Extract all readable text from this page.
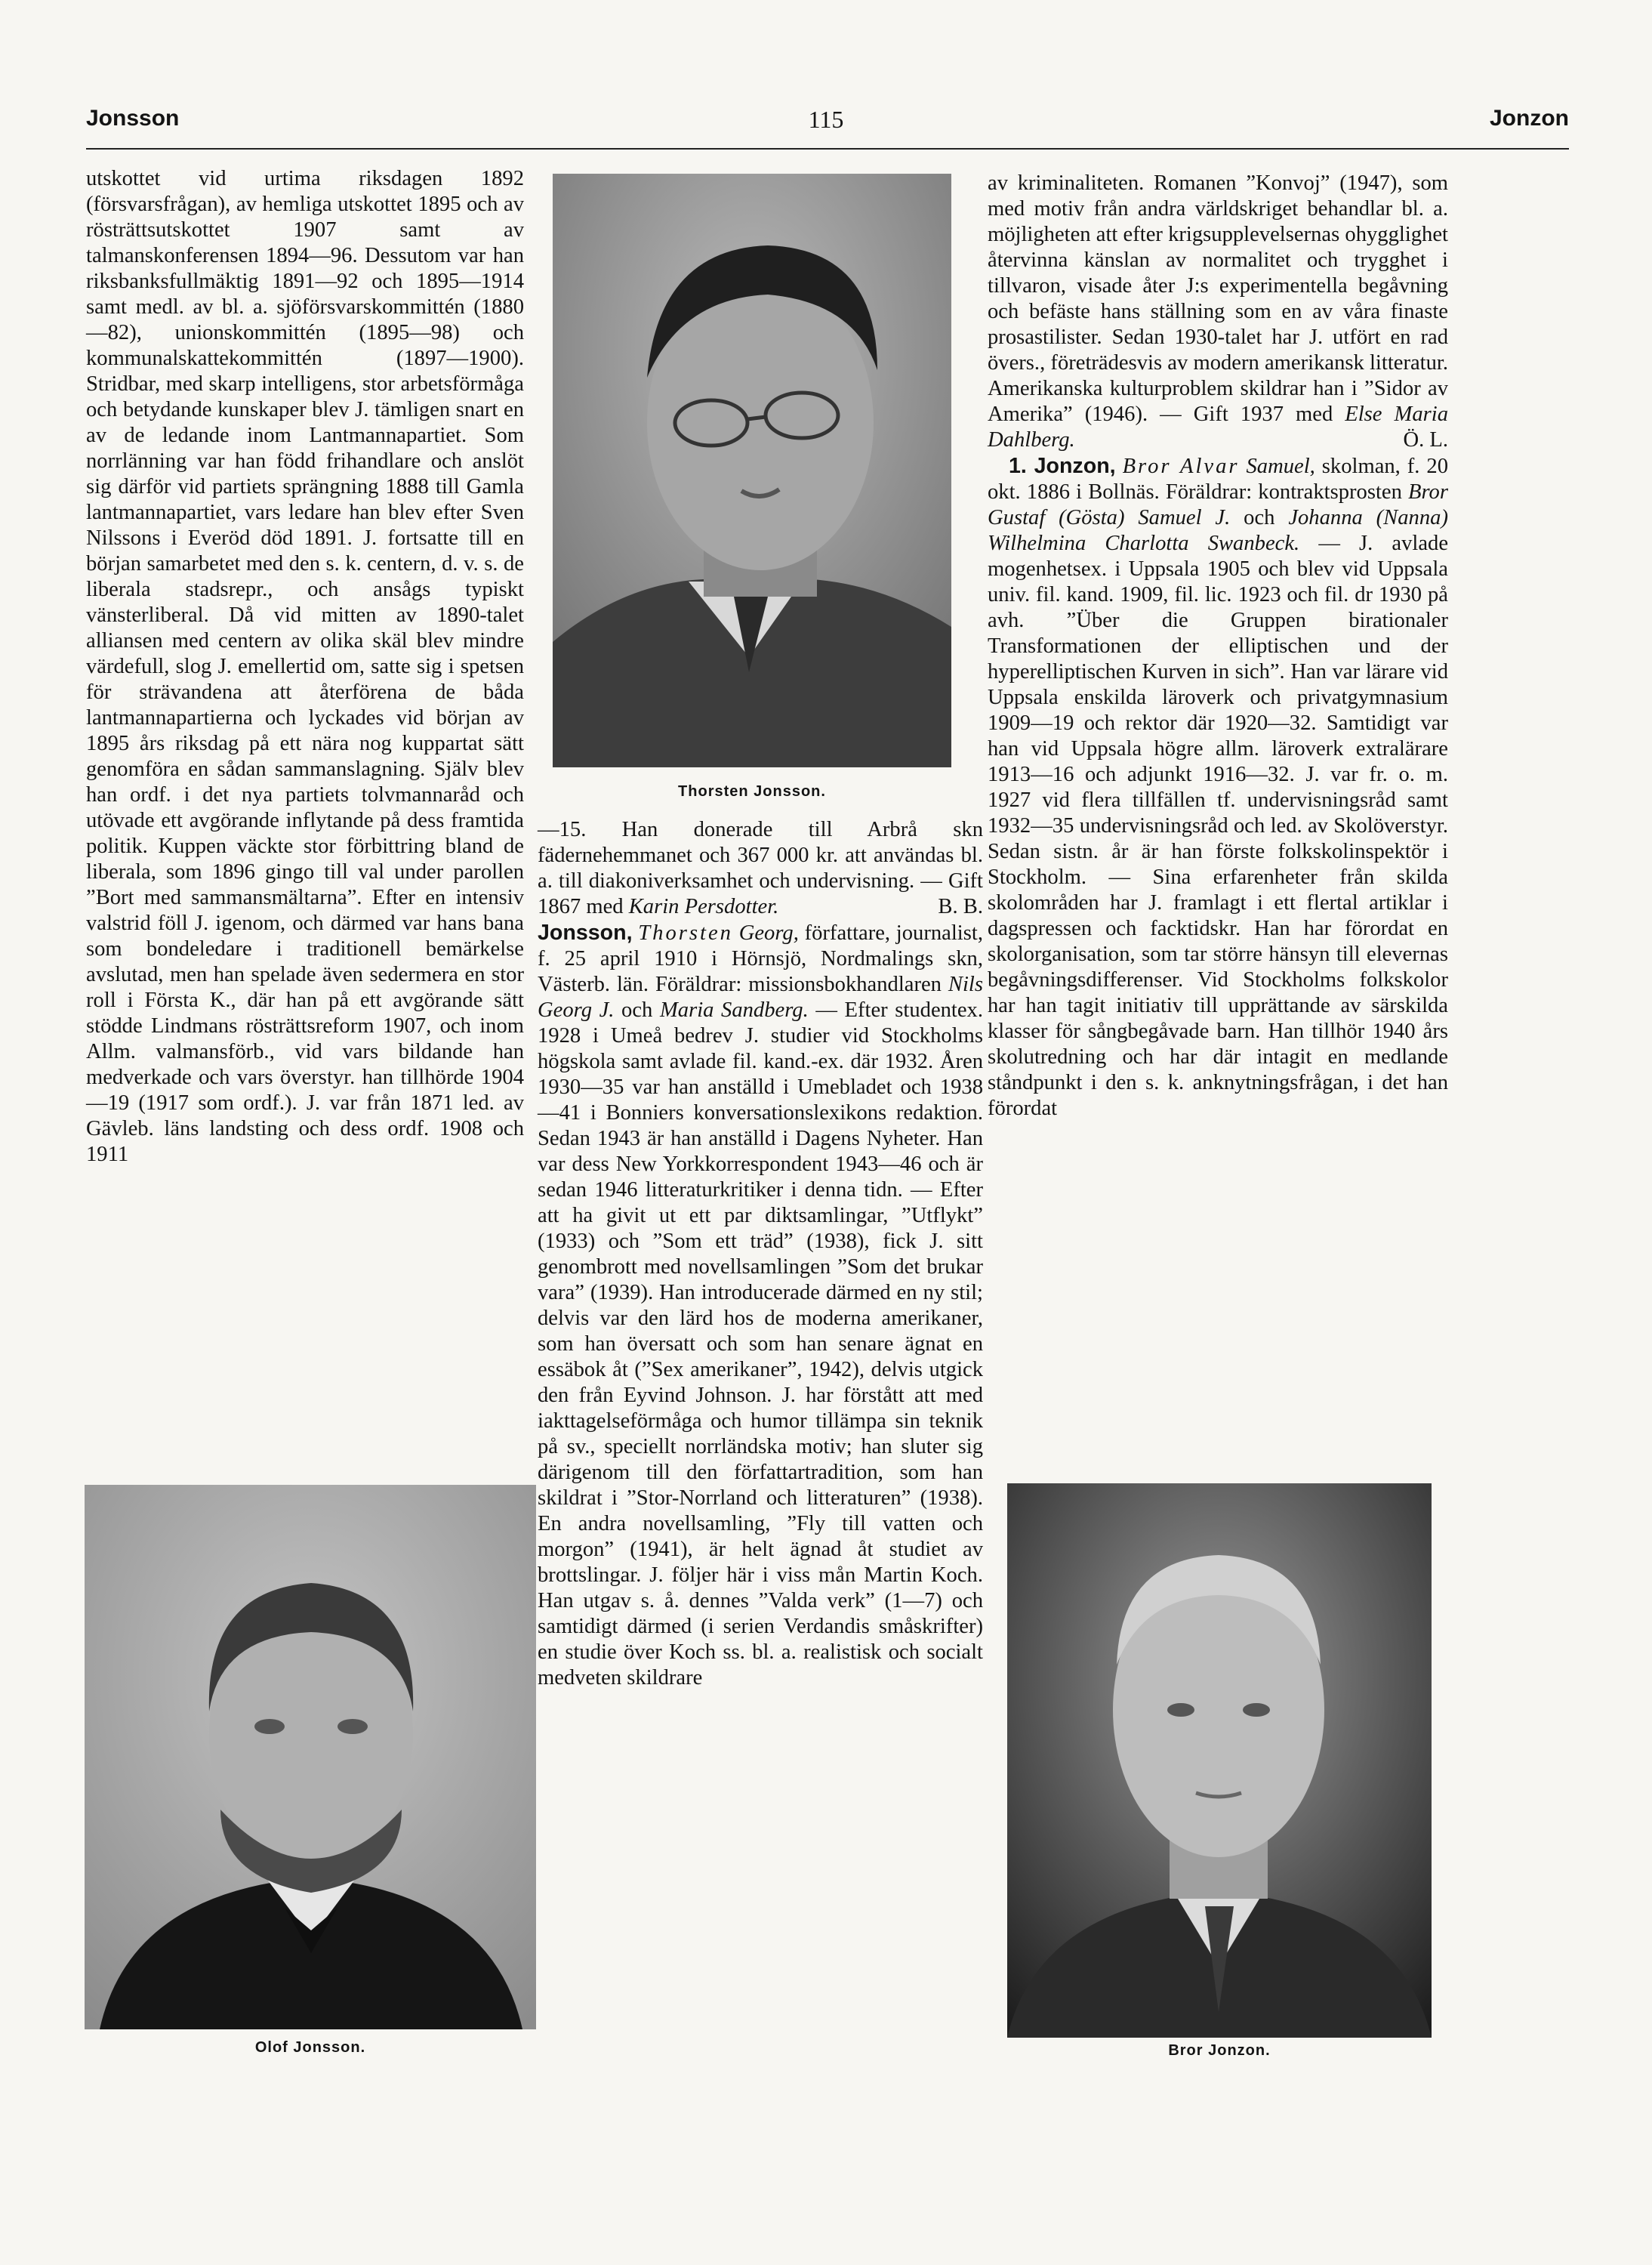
Jonsson	115	Jonzon

utskottet vid urtima riksdagen 1892 (försvarsfrågan), av hemliga utskottet 1895 och av rösträttsutskottet 1907 samt av talmanskonferensen 1894—96. Dessutom var han riksbanksfullmäktig 1891—92 och 1895—1914 samt medl. av bl. a. sjöförsvarskommittén (1880—82), unionskommittén (1895—98) och kommunalskattekommittén (1897—1900). Stridbar, med skarp intelligens, stor arbetsförmåga och betydande kunskaper blev J. tämligen snart en av de ledande inom Lantmannapartiet. Som norrlänning var han född frihandlare och anslöt sig därför vid partiets sprängning 1888 till Gamla lantmannapartiet, vars ledare han blev efter Sven Nilssons i Everöd död 1891. J. fortsatte till en början samarbetet med den s. k. centern, d. v. s. de liberala stadsrepr., och ansågs typiskt vänsterliberal. Då vid mitten av 1890-talet alliansen med centern av olika skäl blev mindre värdefull, slog J. emellertid om, satte sig i spetsen för strävandena att återförena de båda lantmannapartierna och lyckades vid början av 1895 års riksdag på ett nära nog kuppartat sätt genomföra en sådan sammanslagning. Själv blev han ordf. i det nya partiets tolvmannaråd och utövade ett avgörande inflytande på dess framtida politik. Kuppen väckte stor förbittring bland de liberala, som 1896 gingo till val under parollen ”Bort med sammansmältarna”. Efter en intensiv valstrid föll J. igenom, och därmed var hans bana som bondeledare i traditionell bemärkelse avslutad, men han spelade även sedermera en stor roll i Första K., där han på ett avgörande sätt stödde Lindmans rösträttsreform 1907, och inom Allm. valmansförb., vid vars bildande han medverkade och vars överstyr. han tillhörde 1904—19 (1917 som ordf.). J. var från 1871 led. av Gävleb. läns landsting och dess ordf. 1908 och 1911

Thorsten Jonsson.

—15. Han donerade till Arbrå skn fädernehemmanet och 367 000 kr. att användas bl. a. till diakoniverksamhet och undervisning. — Gift 1867 med Karin Persdotter.	B. B.

Jonsson, Thorsten Georg, författare, journalist, f. 25 april 1910 i Hörnsjö, Nordmalings skn, Västerb. län. Föräldrar: missionsbokhandlaren Nils Georg J. och Maria Sandberg. — Efter studentex. 1928 i Umeå bedrev J. studier vid Stockholms högskola samt avlade fil. kand.-ex. där 1932. Åren 1930—35 var han anställd i Umebladet och 1938—41 i Bonniers konversationslexikons redaktion. Sedan 1943 är han anställd i Dagens Nyheter. Han var dess New Yorkkorrespondent 1943—46 och är sedan 1946 litteraturkritiker i denna tidn. — Efter att ha givit ut ett par diktsamlingar, ”Utflykt” (1933) och ”Som ett träd” (1938), fick J. sitt genombrott med novellsamlingen ”Som det brukar vara” (1939). Han introducerade därmed en ny stil; delvis var den lärd hos de moderna amerikaner, som han översatt och som han senare ägnat en essäbok åt (”Sex amerikaner”, 1942), delvis utgick den från Eyvind Johnson. J. har förstått att med iakttagelseförmåga och humor tillämpa sin teknik på sv., speciellt norrländska motiv; han sluter sig därigenom till den författartradition, som han skildrat i ”Stor-Norrland och litteraturen” (1938). En andra novellsamling, ”Fly till vatten och morgon” (1941), är helt ägnad åt studiet av brottslingar. J. följer här i viss mån Martin Koch. Han utgav s. å. dennes ”Valda verk” (1—7) och samtidigt därmed (i serien Verdandis småskrifter) en studie över Koch ss. bl. a. realistisk och socialt medveten skildrare

av kriminaliteten. Romanen ”Konvoj” (1947), som med motiv från andra världskriget behandlar bl. a. möjligheten att efter krigsupplevelsernas ohygglighet återvinna känslan av normalitet och trygghet i tillvaron, visade åter J:s experimentella begåvning och befäste hans ställning som en av våra finaste prosastilister. Sedan 1930-talet har J. utfört en rad övers., företrädesvis av modern amerikansk litteratur. Amerikanska kulturproblem skildrar han i ”Sidor av Amerika” (1946). — Gift 1937 med Else Maria Dahlberg.	Ö. L.

1. Jonzon, Bror Alvar Samuel, skolman, f. 20 okt. 1886 i Bollnäs. Föräldrar: kontraktsprosten Bror Gustaf (Gösta) Samuel J. och Johanna (Nanna) Wilhelmina Charlotta Swanbeck. — J. avlade mogenhetsex. i Uppsala 1905 och blev vid Uppsala univ. fil. kand. 1909, fil. lic. 1923 och fil. dr 1930 på avh. ”Über die Gruppen birationaler Transformationen der elliptischen und der hyperelliptischen Kurven in sich”. Han var lärare vid Uppsala enskilda läroverk och privatgymnasium 1909—19 och rektor där 1920—32. Samtidigt var han vid Uppsala högre allm. läroverk extralärare 1913—16 och adjunkt 1916—32. J. var fr. o. m. 1927 vid flera tillfällen tf. undervisningsråd samt 1932—35 undervisningsråd och led. av Skolöverstyr. Sedan sistn. år är han förste folkskolinspektör i Stockholm. — Sina erfarenheter från skilda skolområden har J. framlagt i ett flertal artiklar i dagspressen och facktidskr. Han har förordat en skolorganisation, som tar större hänsyn till elevernas begåvningsdifferenser. Vid Stockholms folkskolor har han tagit initiativ till upprättande av särskilda klasser för sångbegåvade barn. Han tillhör 1940 års skolutredning och har där intagit en medlande ståndpunkt i den s. k. anknytningsfrågan, i det han förordat

Olof Jonsson.	Bror Jonzon.
